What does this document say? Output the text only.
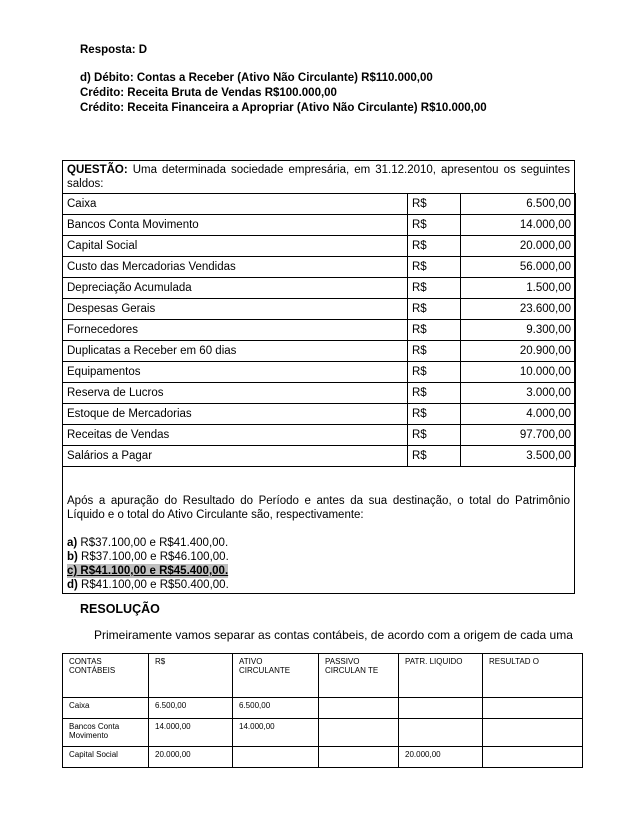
Resposta: D
d) Débito: Contas a Receber (Ativo Não Circulante) R$110.000,00
Crédito: Receita Bruta de Vendas R$100.000,00
Crédito: Receita Financeira a Apropriar (Ativo Não Circulante) R$10.000,00
QUESTÃO: Uma determinada sociedade empresária, em 31.12.2010, apresentou os seguintes saldos:

Após a apuração do Resultado do Período e antes da sua destinação, o total do Patrimônio Líquido e o total do Ativo Circulante são, respectivamente:

a) R$37.100,00 e R$41.400,00.

b) R$37.100,00 e R$46.100,00.

c) R$41.100,00 e R$45.400,00.

d) R$41.100,00 e R$50.400,00.

Caixa	R$	6.500,00
Bancos Conta Movimento	R$	14.000,00
Capital Social	R$	20.000,00
Custo das Mercadorias Vendidas	R$	56.000,00
Depreciação Acumulada	R$	1.500,00
Despesas Gerais	R$	23.600,00
Fornecedores	R$	9.300,00
Duplicatas a Receber em 60 dias	R$	20.900,00
Equipamentos	R$	10.000,00
Reserva de Lucros	R$	3.000,00
Estoque de Mercadorias	R$	4.000,00
Receitas de Vendas	R$	97.700,00
Salários a Pagar	R$	3.500,00
RESOLUÇÃO
Primeiramente vamos separar as contas contábeis, de acordo com a origem de cada uma
CONTAS CONTÁBEIS	R$	ATIVO CIRCULANTE	PASSIVO CIRCULAN TE	PATR. LIQUIDO	RESULTAD O
Caixa	6.500,00	6.500,00			
Bancos Conta Movimento	14.000,00	14.000,00			
Capital Social	20.000,00			20.000,00	
